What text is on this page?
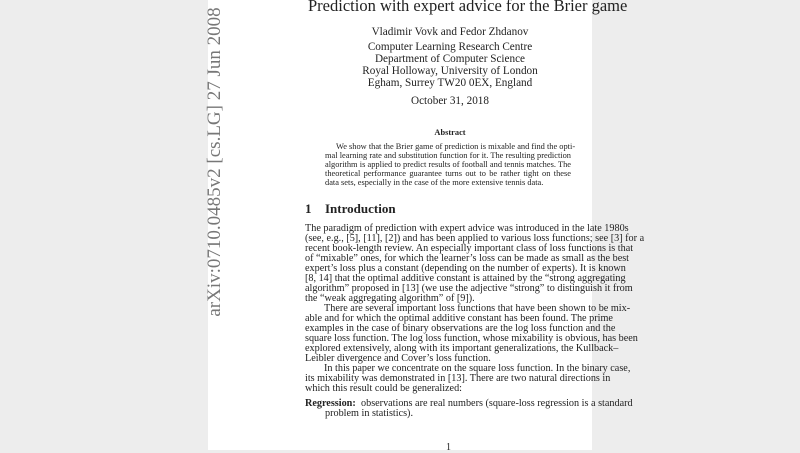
arXiv:0710.0485v2 [cs.LG] 27 Jun 2008
Prediction with expert advice for the Brier game
Vladimir Vovk and Fedor Zhdanov
Computer Learning Research Centre
Department of Computer Science
Royal Holloway, University of London
Egham, Surrey TW20 0EX, England
October 31, 2018
Abstract
We show that the Brier game of prediction is mixable and find the opti-
mal learning rate and substitution function for it. The resulting prediction
algorithm is applied to predict results of football and tennis matches. The
theoretical performance guarantee turns out to be rather tight on these
data sets, especially in the case of the more extensive tennis data.
1 Introduction
The paradigm of prediction with expert advice was introduced in the late 1980s
(see, e.g., [5], [11], [2]) and has been applied to various loss functions; see [3] for a
recent book-length review. An especially important class of loss functions is that
of “mixable” ones, for which the learner’s loss can be made as small as the best
expert’s loss plus a constant (depending on the number of experts). It is known
[8, 14] that the optimal additive constant is attained by the “strong aggregating
algorithm” proposed in [13] (we use the adjective “strong” to distinguish it from
the “weak aggregating algorithm” of [9]).
There are several important loss functions that have been shown to be mix-
able and for which the optimal additive constant has been found. The prime
examples in the case of binary observations are the log loss function and the
square loss function. The log loss function, whose mixability is obvious, has been
explored extensively, along with its important generalizations, the Kullback–
Leibler divergence and Cover’s loss function.
In this paper we concentrate on the square loss function. In the binary case,
its mixability was demonstrated in [13]. There are two natural directions in
which this result could be generalized:
Regression: observations are real numbers (square-loss regression is a standard
problem in statistics).
1
